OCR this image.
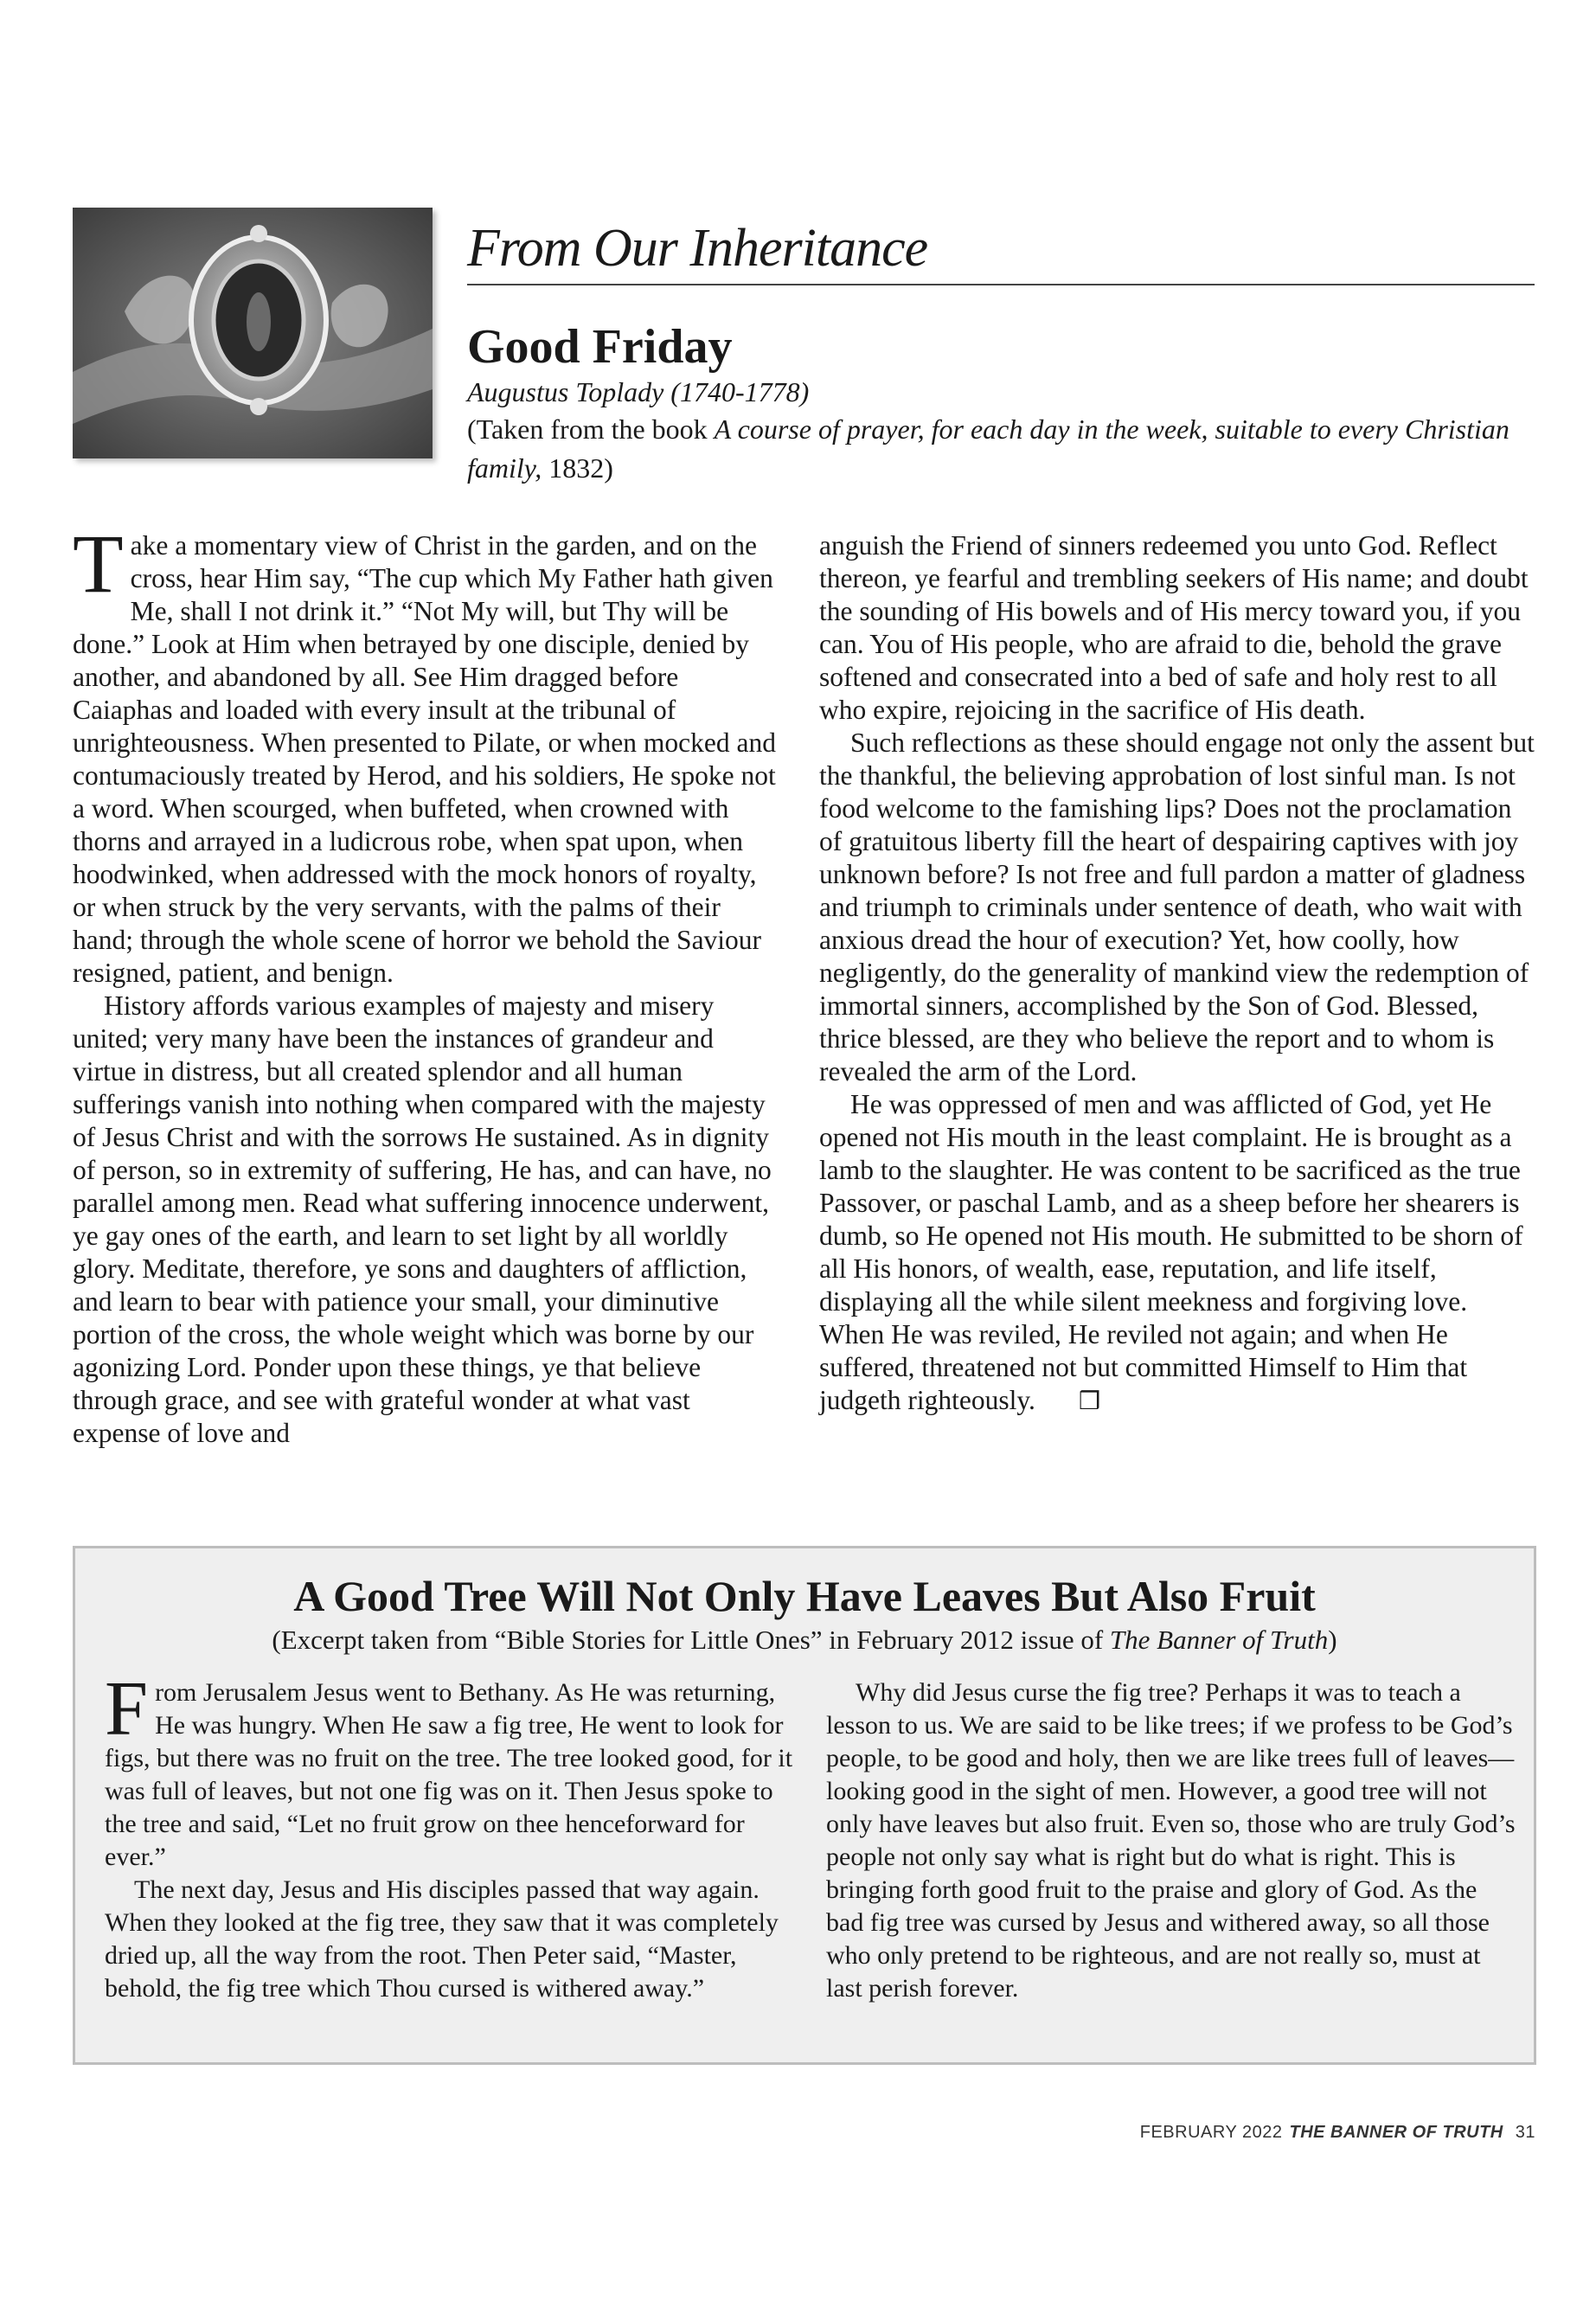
From Our Inheritance
Good Friday
Augustus Toplady (1740-1778)
(Taken from the book A course of prayer, for each day in the week, suitable to every Christian family, 1832)

Take a momentary view of Christ in the garden, and on the cross, hear Him say, “The cup which My Father hath given Me, shall I not drink it.” “Not My will, but Thy will be done.” Look at Him when betrayed by one disciple, denied by another, and abandoned by all. See Him dragged before Caiaphas and loaded with every insult at the tribunal of unrighteousness. When presented to Pilate, or when mocked and contumaciously treated by Herod, and his soldiers, He spoke not a word. When scourged, when buffeted, when crowned with thorns and arrayed in a ludicrous robe, when spat upon, when hoodwinked, when addressed with the mock honors of royalty, or when struck by the very servants, with the palms of their hand; through the whole scene of horror we behold the Saviour resigned, patient, and benign.

History affords various examples of majesty and misery united; very many have been the instances of grandeur and virtue in distress, but all created splendor and all human sufferings vanish into nothing when compared with the majesty of Jesus Christ and with the sorrows He sustained. As in dignity of person, so in extremity of suffering, He has, and can have, no parallel among men. Read what suffering innocence underwent, ye gay ones of the earth, and learn to set light by all worldly glory. Meditate, therefore, ye sons and daughters of affliction, and learn to bear with patience your small, your diminutive portion of the cross, the whole weight which was borne by our agonizing Lord. Ponder upon these things, ye that believe through grace, and see with grateful wonder at what vast expense of love and

anguish the Friend of sinners redeemed you unto God. Reflect thereon, ye fearful and trembling seekers of His name; and doubt the sounding of His bowels and of His mercy toward you, if you can. You of His people, who are afraid to die, behold the grave softened and consecrated into a bed of safe and holy rest to all who expire, rejoicing in the sacrifice of His death.

Such reflections as these should engage not only the assent but the thankful, the believing approbation of lost sinful man. Is not food welcome to the famishing lips? Does not the proclamation of gratuitous liberty fill the heart of despairing captives with joy unknown before? Is not free and full pardon a matter of gladness and triumph to criminals under sentence of death, who wait with anxious dread the hour of execution? Yet, how coolly, how negligently, do the generality of mankind view the redemption of immortal sinners, accomplished by the Son of God. Blessed, thrice blessed, are they who believe the report and to whom is revealed the arm of the Lord.

He was oppressed of men and was afflicted of God, yet He opened not His mouth in the least complaint. He is brought as a lamb to the slaughter. He was content to be sacrificed as the true Passover, or paschal Lamb, and as a sheep before her shearers is dumb, so He opened not His mouth. He submitted to be shorn of all His honors, of wealth, ease, reputation, and life itself, displaying all the while silent meekness and forgiving love. When He was reviled, He reviled not again; and when He suffered, threatened not but committed Himself to Him that judgeth righteously. ❒

A Good Tree Will Not Only Have Leaves But Also Fruit
(Excerpt taken from “Bible Stories for Little Ones” in February 2012 issue of The Banner of Truth)

From Jerusalem Jesus went to Bethany. As He was returning, He was hungry. When He saw a fig tree, He went to look for figs, but there was no fruit on the tree. The tree looked good, for it was full of leaves, but not one fig was on it. Then Jesus spoke to the tree and said, “Let no fruit grow on thee henceforward for ever.”

The next day, Jesus and His disciples passed that way again. When they looked at the fig tree, they saw that it was completely dried up, all the way from the root. Then Peter said, “Master, behold, the fig tree which Thou cursed is withered away.”

Why did Jesus curse the fig tree? Perhaps it was to teach a lesson to us. We are said to be like trees; if we profess to be God’s people, to be good and holy, then we are like trees full of leaves—looking good in the sight of men. However, a good tree will not only have leaves but also fruit. Even so, those who are truly God’s people not only say what is right but do what is right. This is bringing forth good fruit to the praise and glory of God. As the bad fig tree was cursed by Jesus and withered away, so all those who only pretend to be righteous, and are not really so, must at last perish forever.

FEBRUARY 2022 THE BANNER OF TRUTH 31
